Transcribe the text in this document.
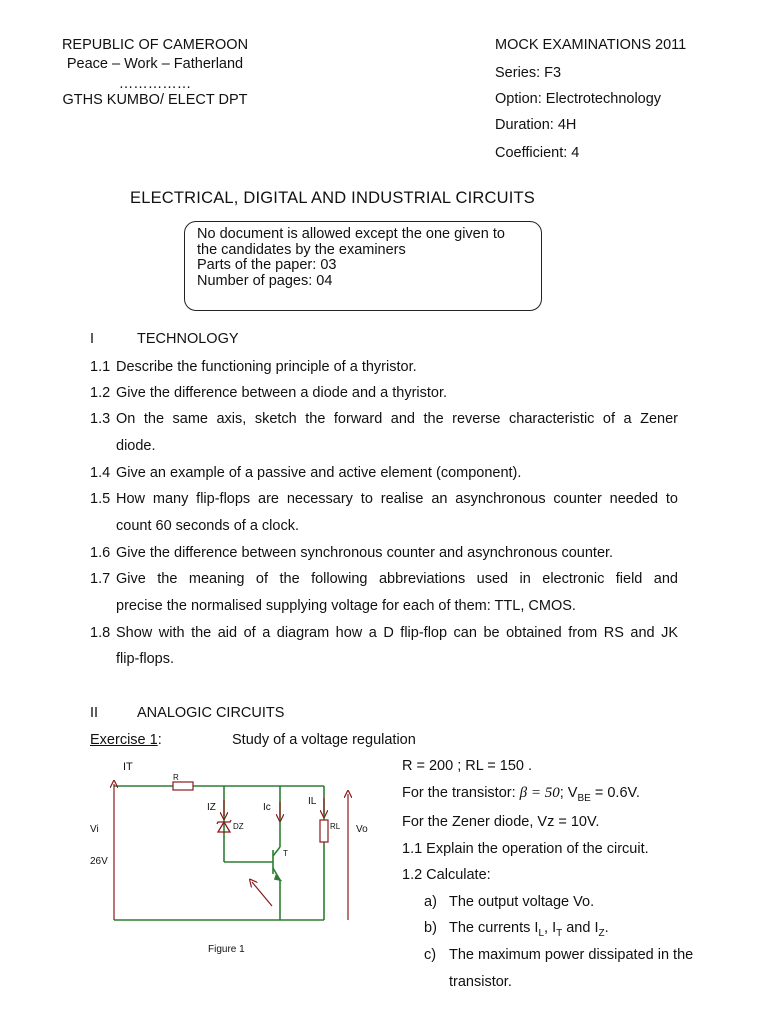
REPUBLIC OF CAMEROON
Peace – Work – Fatherland
……………
GTHS KUMBO/ ELECT DPT
MOCK EXAMINATIONS 2011
Series: F3
Option: Electrotechnology
Duration: 4H
Coefficient: 4
ELECTRICAL, DIGITAL AND INDUSTRIAL CIRCUITS
No document is allowed except the one given to
the candidates by the examiners
Parts of the paper: 03
Number of pages: 04
I	TECHNOLOGY
1.1 Describe the functioning principle of a thyristor.
1.2 Give the difference between a diode and a thyristor.
1.3 On the same axis, sketch the forward and the reverse characteristic of a Zener
diode.
1.4 Give an example of a passive and active element (component).
1.5 How many flip-flops are necessary to realise an asynchronous counter needed to
count 60 seconds of a clock.
1.6 Give the difference between synchronous counter and asynchronous counter.
1.7 Give the meaning of the following abbreviations used in electronic field and
precise the normalised supplying voltage for each of them: TTL, CMOS.
1.8 Show with the aid of a diagram how a D flip-flop can be obtained from RS and JK
flip-flops.
II	ANALOGIC CIRCUITS
Exercise 1:	Study of a voltage regulation
R = 200 ; RL = 150 .
For the transistor: β = 50; $V_{BE} = 0.6V$.
For the Zener diode, Vz = 10V.
1.1 Explain the operation of the circuit.
1.2 Calculate:
a) The output voltage Vo.
b) The currents $I_L$, $I_T$ and $I_Z$.
c) The maximum power dissipated in the
transistor.
IT
R
IZ	Ic
IL
Vi
26V
DZ
T
RL Vo
Figure 1
